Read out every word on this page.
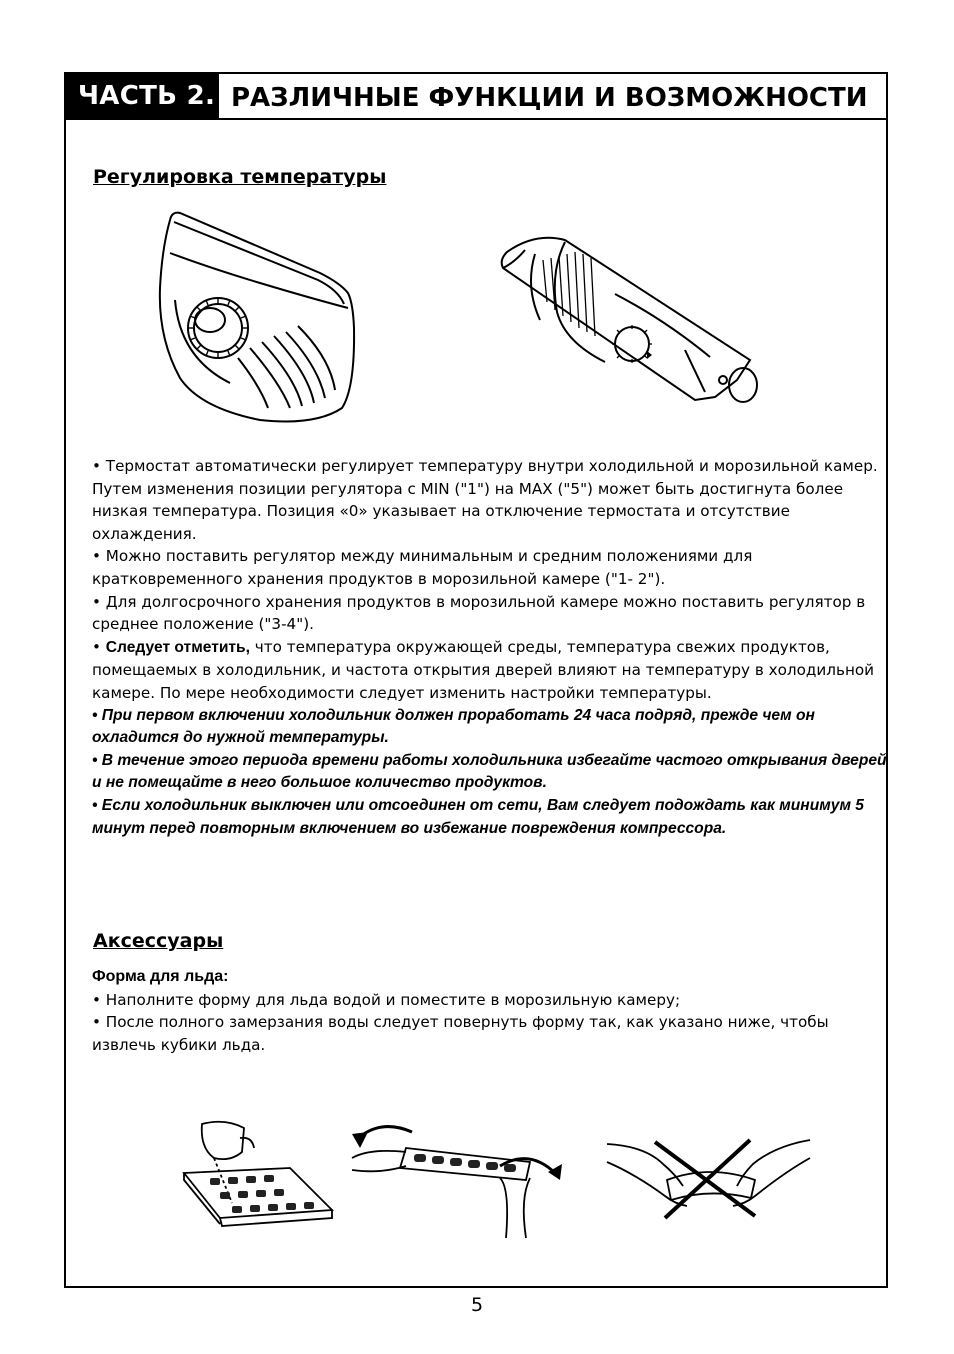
ЧАСТЬ 2. РАЗЛИЧНЫЕ ФУНКЦИИ И ВОЗМОЖНОСТИ
Регулировка температуры

• Термостат автоматически регулирует температуру внутри холодильной и морозильной камер. Путем изменения позиции регулятора с MIN ("1") на MAX ("5") может быть достигнута более низкая температура. Позиция «0» указывает на отключение термостата и отсутствие охлаждения.

• Можно поставить регулятор между минимальным и средним положениями для кратковременного хранения продуктов в морозильной камере ("1- 2").

• Для долгосрочного хранения продуктов в морозильной камере можно поставить регулятор в среднее положение ("3-4").

• Следует отметить, что температура окружающей среды, температура свежих продуктов, помещаемых в холодильник, и частота открытия дверей влияют на температуру в холодильной камере. По мере необходимости следует изменить настройки температуры.

• При первом включении холодильник должен проработать 24 часа подряд, прежде чем он охладится до нужной температуры.

• В течение этого периода времени работы холодильника избегайте частого открывания дверей и не помещайте в него большое количество продуктов.

• Если холодильник выключен или отсоединен от сети, Вам следует подождать как минимум 5 минут перед повторным включением во избежание повреждения компрессора.

Аксессуары

Форма для льда:

• Наполните форму для льда водой и поместите в морозильную камеру;

• После полного замерзания воды следует повернуть форму так, как указано ниже, чтобы извлечь кубики льда.

5
